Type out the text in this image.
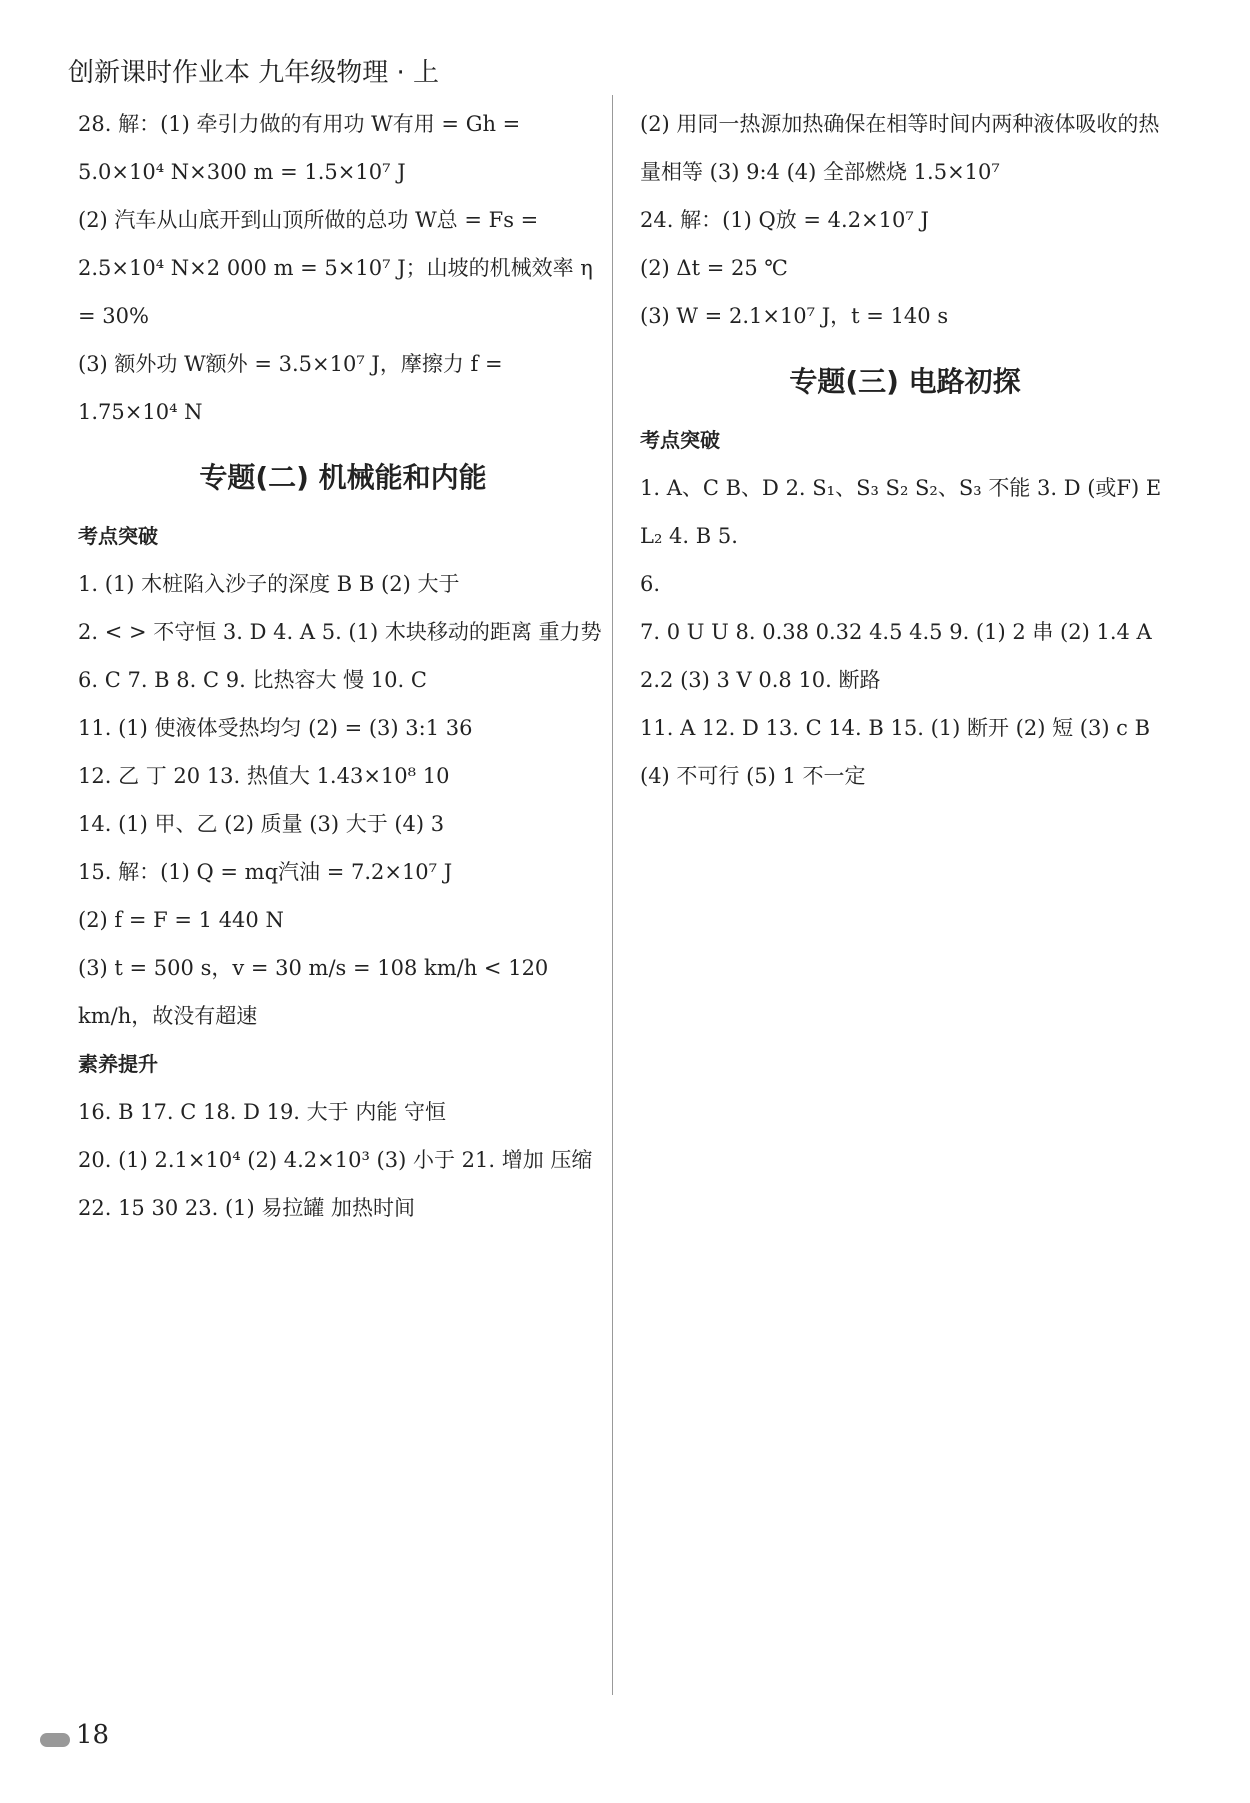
创新课时作业本 九年级物理 · 上
28. 解：(1) 牵引力做的有用功 W有用 = Gh = 5.0×10⁴ N×300 m = 1.5×10⁷ J
(2) 汽车从山底开到山顶所做的总功 W总 = Fs = 2.5×10⁴ N×2 000 m = 5×10⁷ J；山坡的机械效率 η = 30%
(3) 额外功 W额外 = 3.5×10⁷ J，摩擦力 f = 1.75×10⁴ N
专题(二) 机械能和内能
考点突破
1. (1) 木桩陷入沙子的深度 B B (2) 大于
2. < > 不守恒 3. D 4. A 5. (1) 木块移动的距离 重力势
6. C 7. B 8. C 9. 比热容大 慢 10. C
11. (1) 使液体受热均匀 (2) = (3) 3:1 36
12. 乙 丁 20 13. 热值大 1.43×10⁸ 10
14. (1) 甲、乙 (2) 质量 (3) 大于 (4) 3
15. 解：(1) Q = mq汽油 = 7.2×10⁷ J
(2) f = F = 1 440 N
(3) t = 500 s，v = 30 m/s = 108 km/h < 120 km/h，故没有超速
素养提升
16. B 17. C 18. D 19. 大于 内能 守恒
20. (1) 2.1×10⁴ (2) 4.2×10³ (3) 小于 21. 增加 压缩 22. 15 30 23. (1) 易拉罐 加热时间
(2) 用同一热源加热确保在相等时间内两种液体吸收的热量相等 (3) 9:4 (4) 全部燃烧 1.5×10⁷
24. 解：(1) Q放 = 4.2×10⁷ J
(2) Δt = 25 ℃
(3) W = 2.1×10⁷ J，t = 140 s
专题(三) 电路初探
考点突破
1. A、C B、D 2. S₁、S₃ S₂ S₂、S₃ 不能 3. D (或F) E L₂ 4. B 5.
6.
7. 0 U U 8. 0.38 0.32 4.5 4.5 9. (1) 2 串 (2) 1.4 A 2.2 (3) 3 V 0.8 10. 断路
11. A 12. D 13. C 14. B 15. (1) 断开 (2) 短 (3) c B (4) 不可行 (5) 1 不一定
18
